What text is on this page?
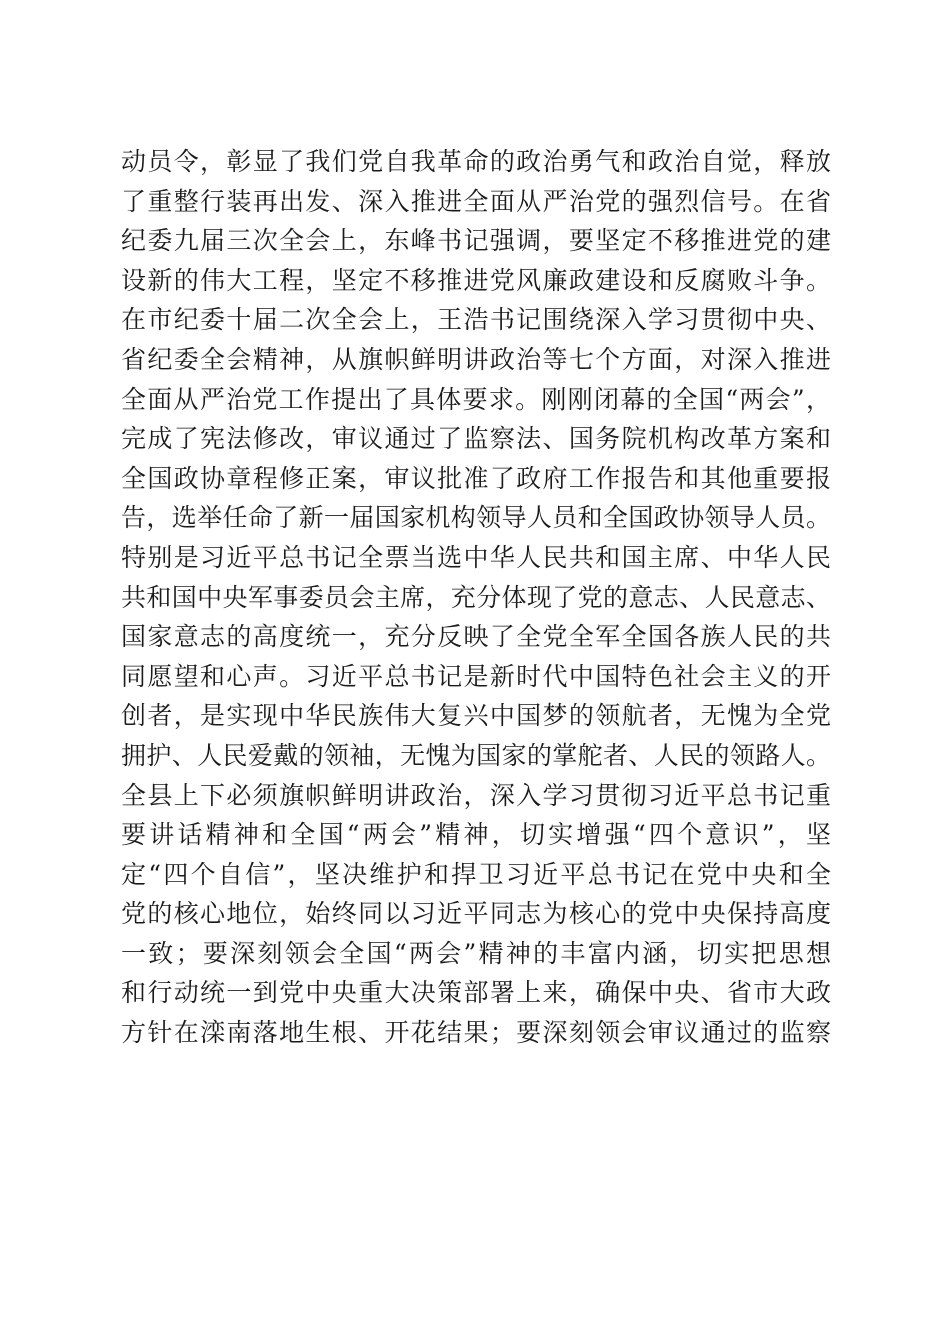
动员令，彰显了我们党自我革命的政治勇气和政治自觉，释放
了重整行装再出发、深入推进全面从严治党的强烈信号。在省
纪委九届三次全会上，东峰书记强调，要坚定不移推进党的建
设新的伟大工程，坚定不移推进党风廉政建设和反腐败斗争。
在市纪委十届二次全会上，王浩书记围绕深入学习贯彻中央、
省纪委全会精神，从旗帜鲜明讲政治等七个方面，对深入推进
全面从严治党工作提出了具体要求。刚刚闭幕的全国“两会”，
完成了宪法修改，审议通过了监察法、国务院机构改革方案和
全国政协章程修正案，审议批准了政府工作报告和其他重要报
告，选举任命了新一届国家机构领导人员和全国政协领导人员。
特别是习近平总书记全票当选中华人民共和国主席、中华人民
共和国中央军事委员会主席，充分体现了党的意志、人民意志、
国家意志的高度统一，充分反映了全党全军全国各族人民的共
同愿望和心声。习近平总书记是新时代中国特色社会主义的开
创者，是实现中华民族伟大复兴中国梦的领航者，无愧为全党
拥护、人民爱戴的领袖，无愧为国家的掌舵者、人民的领路人。
全县上下必须旗帜鲜明讲政治，深入学习贯彻习近平总书记重
要讲话精神和全国“两会”精神，切实增强“四个意识”，坚
定“四个自信”，坚决维护和捍卫习近平总书记在党中央和全
党的核心地位，始终同以习近平同志为核心的党中央保持高度
一致；要深刻领会全国“两会”精神的丰富内涵，切实把思想
和行动统一到党中央重大决策部署上来，确保中央、省市大政
方针在滦南落地生根、开花结果；要深刻领会审议通过的监察
